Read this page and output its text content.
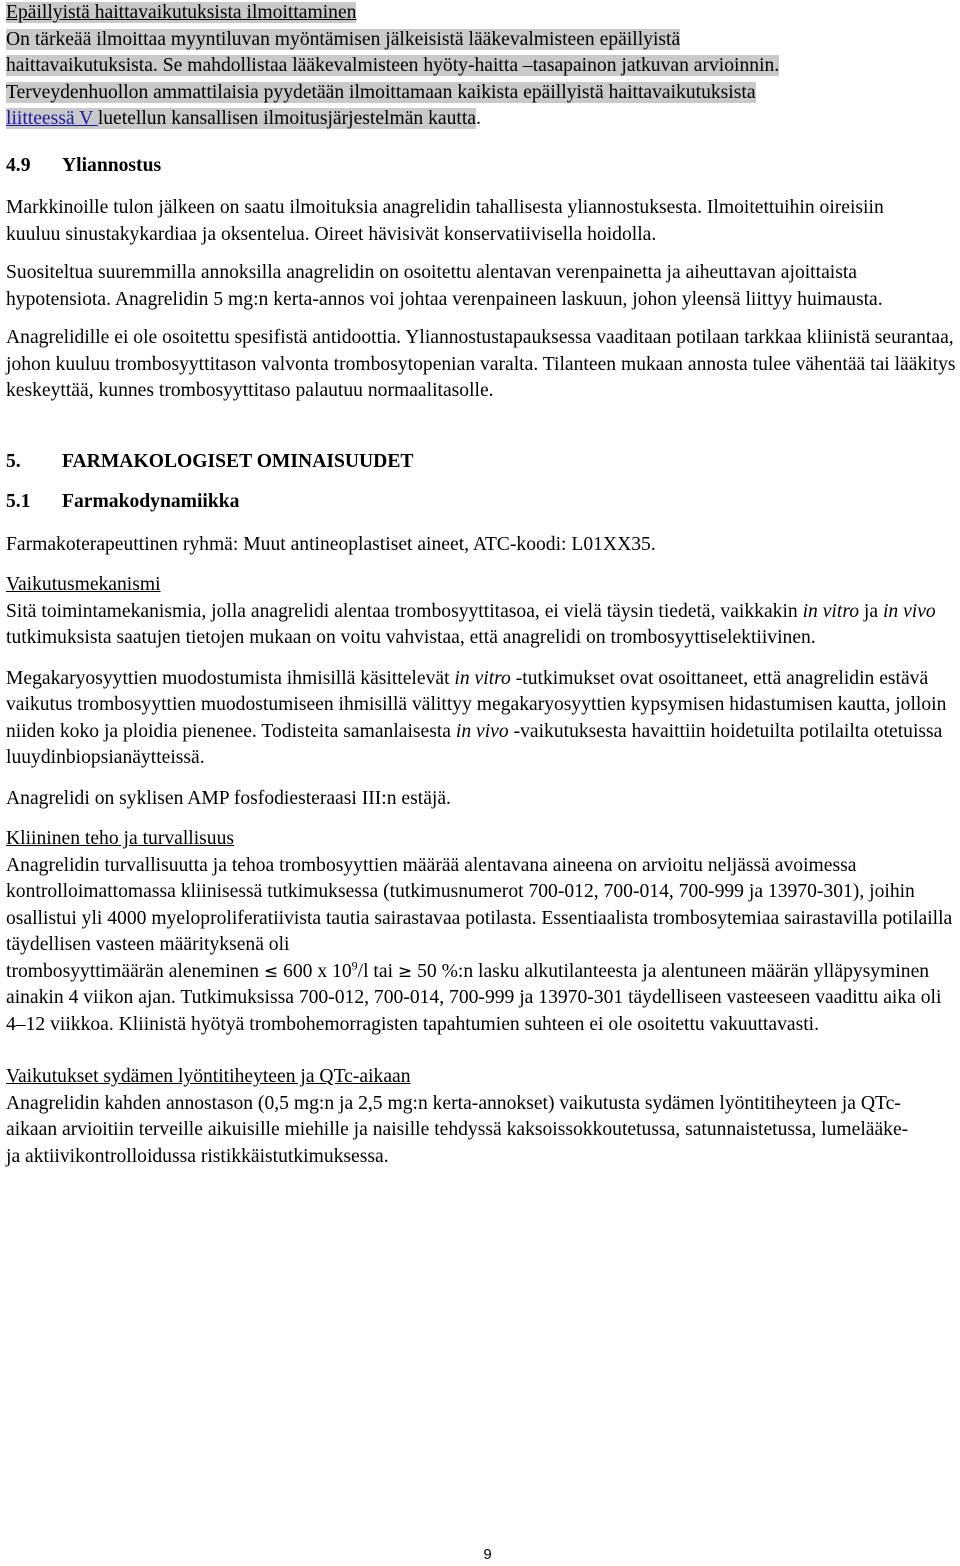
Epäillyistä haittavaikutuksista ilmoittaminen
On tärkeää ilmoittaa myyntiluvan myöntämisen jälkeisistä lääkevalmisteen epäillyistä
haittavaikutuksista. Se mahdollistaa lääkevalmisteen hyöty-haitta –tasapainon jatkuvan arvioinnin.
Terveydenhuollon ammattilaisia pyydetään ilmoittamaan kaikista epäillyistä haittavaikutuksista
liitteessä V luetellun kansallisen ilmoitusjärjestelmän kautta.
4.9	Yliannostus

Markkinoille tulon jälkeen on saatu ilmoituksia anagrelidin tahallisesta yliannostuksesta. Ilmoitettuihin oireisiin kuuluu sinustakykardiaa ja oksentelua. Oireet hävisivät konservatiivisella hoidolla.

Suositeltua suuremmilla annoksilla anagrelidin on osoitettu alentavan verenpainetta ja aiheuttavan ajoittaista hypotensiota. Anagrelidin 5 mg:n kerta-annos voi johtaa verenpaineen laskuun, johon yleensä liittyy huimausta.

Anagrelidille ei ole osoitettu spesifistä antidoottia. Yliannostustapauksessa vaaditaan potilaan tarkkaa kliinistä seurantaa, johon kuuluu trombosyyttitason valvonta trombosytopenian varalta. Tilanteen mukaan annosta tulee vähentää tai lääkitys keskeyttää, kunnes trombosyyttitaso palautuu normaalitasolle.

5.	FARMAKOLOGISET OMINAISUUDET
5.1	Farmakodynamiikka

Farmakoterapeuttinen ryhmä: Muut antineoplastiset aineet, ATC-koodi: L01XX35.

Vaikutusmekanismi

Sitä toimintamekanismia, jolla anagrelidi alentaa trombosyyttitasoa, ei vielä täysin tiedetä, vaikkakin in vitro ja in vivo tutkimuksista saatujen tietojen mukaan on voitu vahvistaa, että anagrelidi on trombosyyttiselektiivinen.

Megakaryosyyttien muodostumista ihmisillä käsittelevät in vitro -tutkimukset ovat osoittaneet, että anagrelidin estävä vaikutus trombosyyttien muodostumiseen ihmisillä välittyy megakaryosyyttien kypsymisen hidastumisen kautta, jolloin niiden koko ja ploidia pienenee. Todisteita samanlaisesta in vivo -vaikutuksesta havaittiin hoidetuilta potilailta otetuissa luuydinbiopsianäytteissä.

Anagrelidi on syklisen AMP fosfodiesteraasi III:n estäjä.

Kliininen teho ja turvallisuus

Anagrelidin turvallisuutta ja tehoa trombosyyttien määrää alentavana aineena on arvioitu neljässä avoimessa kontrolloimattomassa kliinisessä tutkimuksessa (tutkimusnumerot 700-012, 700-014, 700-999 ja 13970-301), joihin osallistui yli 4000 myeloproliferatiivista tautia sairastavaa potilasta. Essentiaalista trombosytemiaa sairastavilla potilailla täydellisen vasteen määrityksenä oli
trombosyyttimäärän aleneminen ≤ 600 x $10^9/l$ tai ≥ 50 %:n lasku alkutilanteesta ja alentuneen määrän ylläpysyminen ainakin 4 viikon ajan. Tutkimuksissa 700-012, 700-014, 700-999 ja 13970-301 täydelliseen vasteeseen vaadittu aika oli 4–12 viikkoa. Kliinistä hyötyä trombohemorragisten tapahtumien suhteen ei ole osoitettu vakuuttavasti.

Vaikutukset sydämen lyöntitiheyteen ja QTc-aikaan

Anagrelidin kahden annostason (0,5 mg:n ja 2,5 mg:n kerta-annokset) vaikutusta sydämen lyöntitiheyteen ja QTc-aikaan arvioitiin terveille aikuisille miehille ja naisille tehdyssä kaksoissokkoutetussa, satunnaistetussa, lumelääke- ja aktiivikontrolloidussa ristikkäistutkimuksessa.

9
